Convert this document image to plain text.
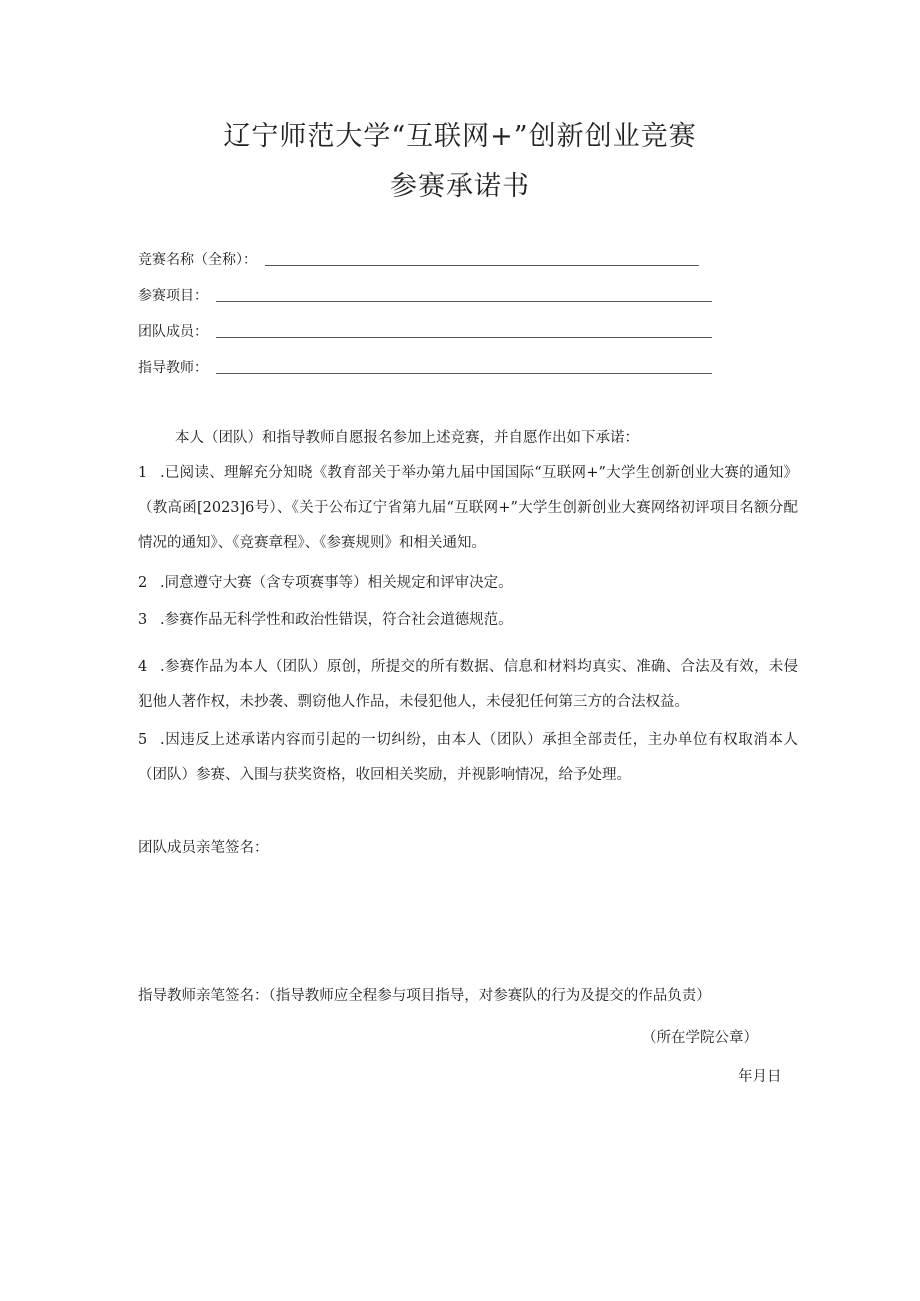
辽宁师范大学“互联网+”创新创业竞赛
参赛承诺书
竞赛名称（全称）：
参赛项目：
团队成员：
指导教师：
本人（团队）和指导教师自愿报名参加上述竞赛，并自愿作出如下承诺：
1 .已阅读、理解充分知晓《教育部关于举办第九届中国国际“互联网+”大学生创新创业大赛的通知》（教高函[2023]6号）、《关于公布辽宁省第九届“互联网+”大学生创新创业大赛网络初评项目名额分配情况的通知》、《竞赛章程》、《参赛规则》和相关通知。
2 .同意遵守大赛（含专项赛事等）相关规定和评审决定。
3 .参赛作品无科学性和政治性错误，符合社会道德规范。
4 .参赛作品为本人（团队）原创，所提交的所有数据、信息和材料均真实、准确、合法及有效，未侵犯他人著作权，未抄袭、剽窃他人作品，未侵犯他人，未侵犯任何第三方的合法权益。
5 .因违反上述承诺内容而引起的一切纠纷，由本人（团队）承担全部责任，主办单位有权取消本人（团队）参赛、入围与获奖资格，收回相关奖励，并视影响情况，给予处理。
团队成员亲笔签名：
指导教师亲笔签名：（指导教师应全程参与项目指导，对参赛队的行为及提交的作品负责）
（所在学院公章）
年月日
